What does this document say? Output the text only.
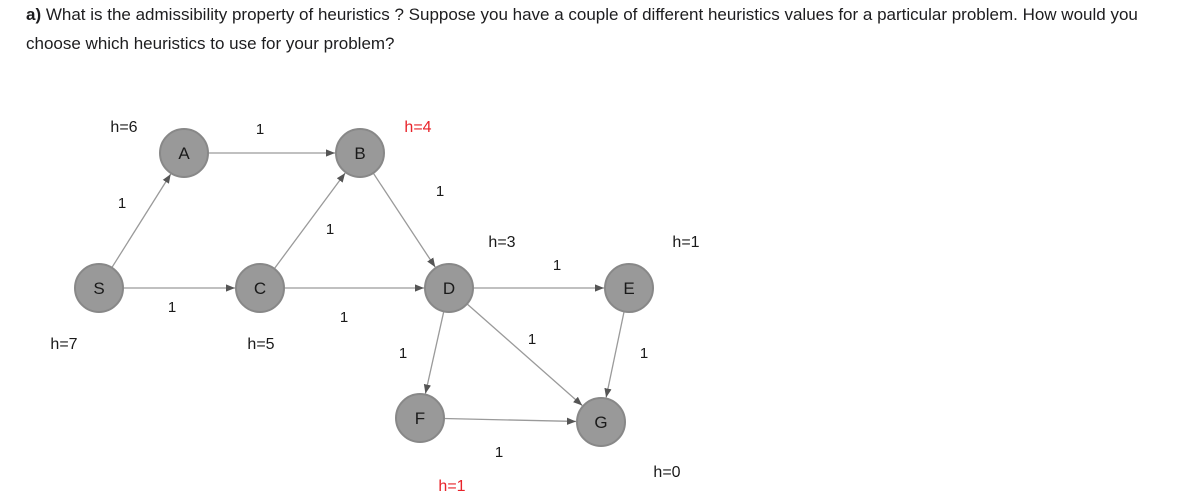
a) What is the admissibility property of heuristics ? Suppose you have a couple of different heuristics values for a particular problem. How would you choose which heuristics to use for your problem?

1
1
1
1
1
1
1
1
1
1
1
S
A	B
C	D	E
F	G
h=6	h=4
h=7	h=5
h=3	h=1
h=1
h=0
